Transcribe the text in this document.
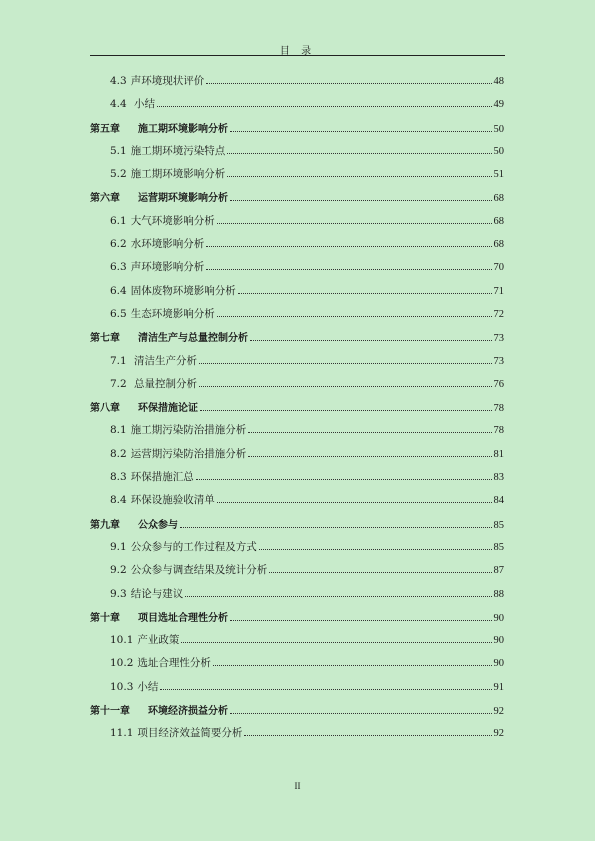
目 录
4.3 声环境现状评价	48
4.4 小结	49
第五章 施工期环境影响分析	50
5.1 施工期环境污染特点	50
5.2 施工期环境影响分析	51
第六章 运营期环境影响分析	68
6.1 大气环境影响分析	68
6.2 水环境影响分析	68
6.3 声环境影响分析	70
6.4 固体废物环境影响分析	71
6.5 生态环境影响分析	72
第七章 清洁生产与总量控制分析	73
7.1 清洁生产分析	73
7.2 总量控制分析	76
第八章 环保措施论证	78
8.1 施工期污染防治措施分析	78
8.2 运营期污染防治措施分析	81
8.3 环保措施汇总	83
8.4 环保设施验收清单	84
第九章 公众参与	85
9.1 公众参与的工作过程及方式	85
9.2 公众参与调查结果及统计分析	87
9.3 结论与建议	88
第十章 项目选址合理性分析	90
10.1 产业政策	90
10.2 选址合理性分析	90
10.3 小结	91
第十一章 环境经济损益分析	92
11.1 项目经济效益简要分析	92
II
